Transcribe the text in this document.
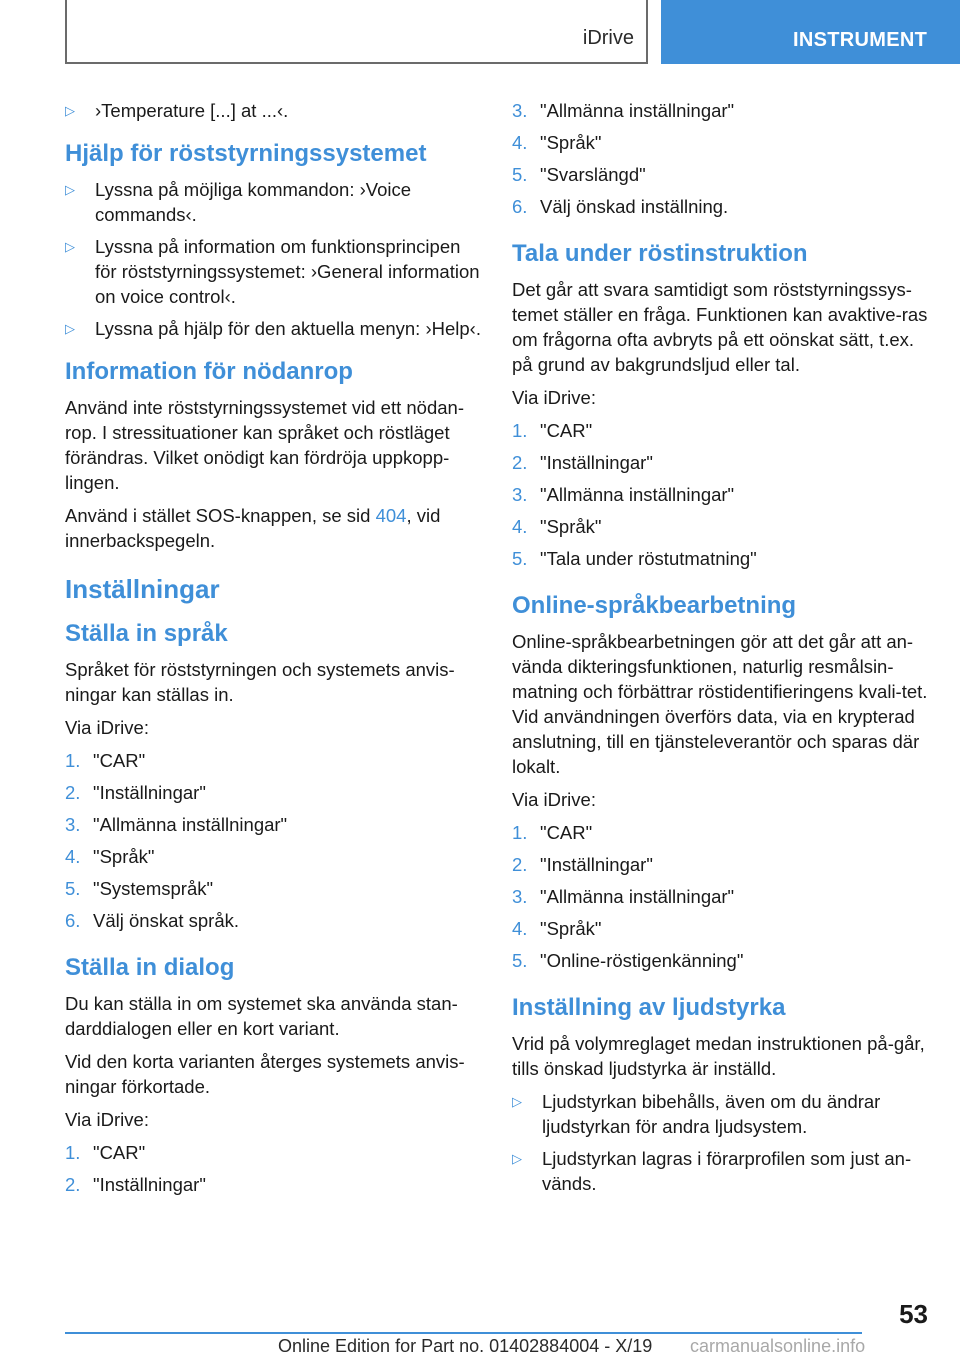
iDrive	INSTRUMENT
▷ ›Temperature [...] at ...‹.
Hjälp för röststyrningssystemet
▷ Lyssna på möjliga kommandon: ›Voice commands‹.
▷ Lyssna på information om funktionsprincipen för röststyrningssystemet: ›General information on voice control‹.
▷ Lyssna på hjälp för den aktuella menyn: ›Help‹.
Information för nödanrop
Använd inte röststyrningssystemet vid ett nödan-rop. I stressituationer kan språket och röstläget förändras. Vilket onödigt kan fördröja uppkopp-lingen.
Använd i stället SOS-knappen, se sid 404, vid innerbackspegeln.
Inställningar
Ställa in språk
Språket för röststyrningen och systemets anvis-ningar kan ställas in.
Via iDrive:
1. "CAR"
2. "Inställningar"
3. "Allmänna inställningar"
4. "Språk"
5. "Systemspråk"
6. Välj önskat språk.
Ställa in dialog
Du kan ställa in om systemet ska använda stan-darddialogen eller en kort variant.
Vid den korta varianten återges systemets anvis-ningar förkortade.
Via iDrive:
1. "CAR"
2. "Inställningar"
3. "Allmänna inställningar"
4. "Språk"
5. "Svarslängd"
6. Välj önskad inställning.
Tala under röstinstruktion
Det går att svara samtidigt som röststyrningssys-temet ställer en fråga. Funktionen kan avaktive-ras om frågorna ofta avbryts på ett oönskat sätt, t.ex. på grund av bakgrundsljud eller tal.
Via iDrive:
1. "CAR"
2. "Inställningar"
3. "Allmänna inställningar"
4. "Språk"
5. "Tala under röstutmatning"
Online-språkbearbetning
Online-språkbearbetningen gör att det går att an-vända dikteringsfunktionen, naturlig resmålsin-matning och förbättrar röstidentifieringens kvali-tet. Vid användningen överförs data, via en krypterad anslutning, till en tjänsteleverantör och sparas där lokalt.
Via iDrive:
1. "CAR"
2. "Inställningar"
3. "Allmänna inställningar"
4. "Språk"
5. "Online-röstigenkänning"
Inställning av ljudstyrka
Vrid på volymreglaget medan instruktionen på-går, tills önskad ljudstyrka är inställd.
▷ Ljudstyrkan bibehålls, även om du ändrar ljudstyrkan för andra ljudsystem.
▷ Ljudstyrkan lagras i förarprofilen som just an-vänds.
53
Online Edition for Part no. 01402884004 - X/19 carmanualsonline.info
